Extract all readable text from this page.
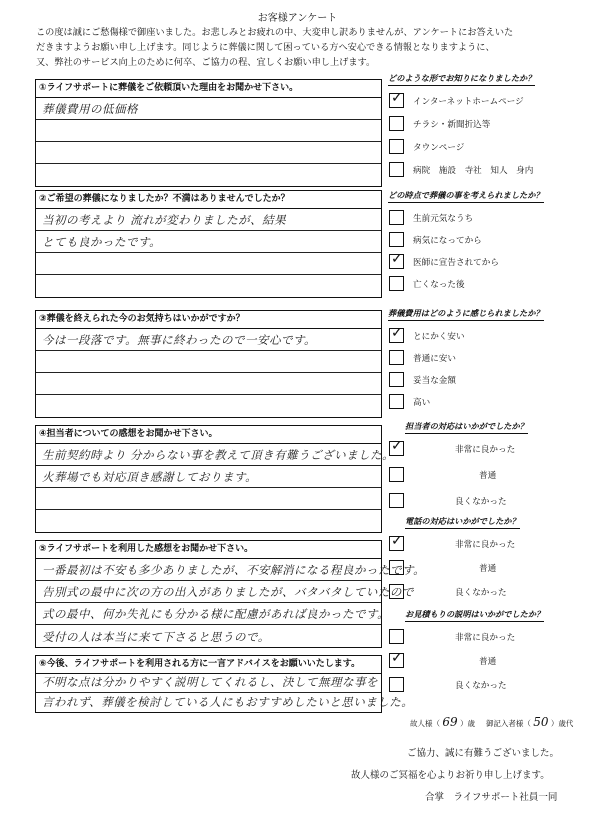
お客様アンケート
この度は誠にご愁傷様で御座いました。お悲しみとお疲れの中、大変申し訳ありませんが、アンケートにお答えいた
だきますようお願い申し上げます。同じように葬儀に関して困っている方へ安心できる情報となりますように、
又、弊社のサービス向上のために何卒、ご協力の程、宜しくお願い申し上げます。
①ライフサポートに葬儀をご依頼頂いた理由をお聞かせ下さい。
葬儀費用の低価格
②ご希望の葬儀になりましたか？不満はありませんでしたか？
当初の考えより 流れが変わりましたが、結果
とても良かったです。
③葬儀を終えられた今のお気持ちはいかがですか？
今は一段落です。無事に終わったので一安心です。
④担当者についての感想をお聞かせ下さい。
生前契約時より 分からない事を教えて頂き有難うございました。
火葬場でも対応頂き感謝しております。
⑤ライフサポートを利用した感想をお聞かせ下さい。
一番最初は不安も多少ありましたが、不安解消になる程良かったです。
告別式の最中に次の方の出入がありましたが、バタバタしていたので
式の最中、何か失礼にも分かる様に配慮があれば良かったです。
受付の人は本当に来て下さると思うので。
⑥今後、ライフサポートを利用される方に一言アドバイスをお願いいたします。
不明な点は分かりやすく説明してくれるし、決して無理な事を
言われず、葬儀を検討している人にもおすすめしたいと思いました。
どのような形でお知りになりましたか？
✓ インターネットホームページ
チラシ・新聞折込等
タウンページ
病院　施設　寺社　知人　身内
どの時点で葬儀の事を考えられましたか？
生前元気なうち
病気になってから
✓ 医師に宣告されてから
亡くなった後
葬儀費用はどのように感じられましたか？
✓ とにかく安い
普通に安い
妥当な金額
高い
担当者の対応はいかがでしたか？
✓	非常に良かった
普通
良くなかった
電話の対応はいかがでしたか？
✓	非常に良かった
普通
良くなかった
お見積もりの説明はいかがでしたか？
非常に良かった
✓	普通
良くなかった
故人様（ 69 ）歳 御記入者様（ 50 ）歳代
ご協力、誠に有難うございました。
故人様のご冥福を心よりお祈り申し上げます。
合掌　ライフサポート社員一同
